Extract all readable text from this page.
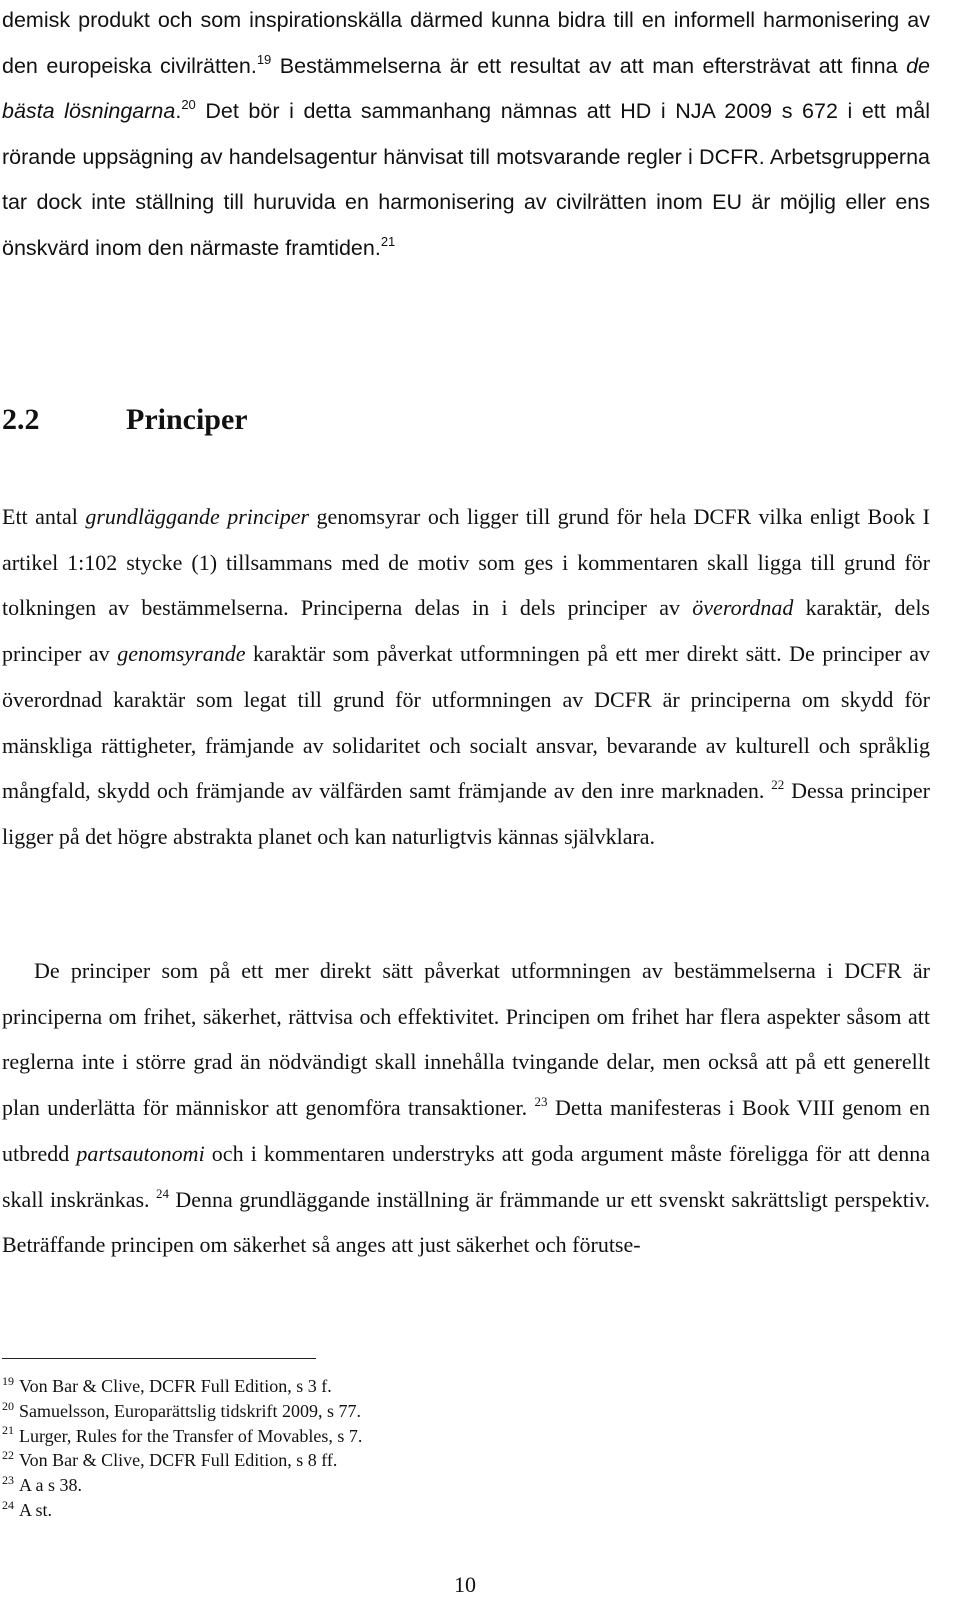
demisk produkt och som inspirationskälla därmed kunna bidra till en informell harmonisering av den europeiska civilrätten.$^{19}$ Bestämmelserna är ett resultat av att man eftersträvat att finna de bästa lösningarna.$^{20}$ Det bör i detta sammanhang nämnas att HD i NJA 2009 s 672 i ett mål rörande uppsägning av handelsagentur hänvisat till motsvarande regler i DCFR. Arbetsgrupperna tar dock inte ställning till huruvida en harmonisering av civilrätten inom EU är möjlig eller ens önskvärd inom den närmaste framtiden.$^{21}$

2.2	Principer

Ett antal grundläggande principer genomsyrar och ligger till grund för hela DCFR vilka enligt Book I artikel 1:102 stycke (1) tillsammans med de motiv som ges i kommentaren skall ligga till grund för tolkningen av bestämmelserna. Principerna delas in i dels principer av överordnad karaktär, dels principer av genomsyrande karaktär som påverkat utformningen på ett mer direkt sätt. De principer av överordnad karaktär som legat till grund för utformningen av DCFR är principerna om skydd för mänskliga rättigheter, främjande av solidaritet och socialt ansvar, bevarande av kulturell och språklig mångfald, skydd och främjande av välfärden samt främjande av den inre marknaden. $^{22}$ Dessa principer ligger på det högre abstrakta planet och kan naturligtvis kännas självklara.

De principer som på ett mer direkt sätt påverkat utformningen av bestämmelserna i DCFR är principerna om frihet, säkerhet, rättvisa och effektivitet. Principen om frihet har flera aspekter såsom att reglerna inte i större grad än nödvändigt skall innehålla tvingande delar, men också att på ett generellt plan underlätta för människor att genomföra transaktioner. $^{23}$ Detta manifesteras i Book VIII genom en utbredd partsautonomi och i kommentaren understryks att goda argument måste föreligga för att denna skall inskränkas. $^{24}$ Denna grundläggande inställning är främmande ur ett svenskt sakrättsligt perspektiv. Beträffande principen om säkerhet så anges att just säkerhet och förutse-

$^{19}$ Von Bar & Clive, DCFR Full Edition, s 3 f.
$^{20}$ Samuelsson, Europarättslig tidskrift 2009, s 77.
$^{21}$ Lurger, Rules for the Transfer of Movables, s 7.
$^{22}$ Von Bar & Clive, DCFR Full Edition, s 8 ff.
$^{23}$ A a s 38.
$^{24}$ A st.
10
